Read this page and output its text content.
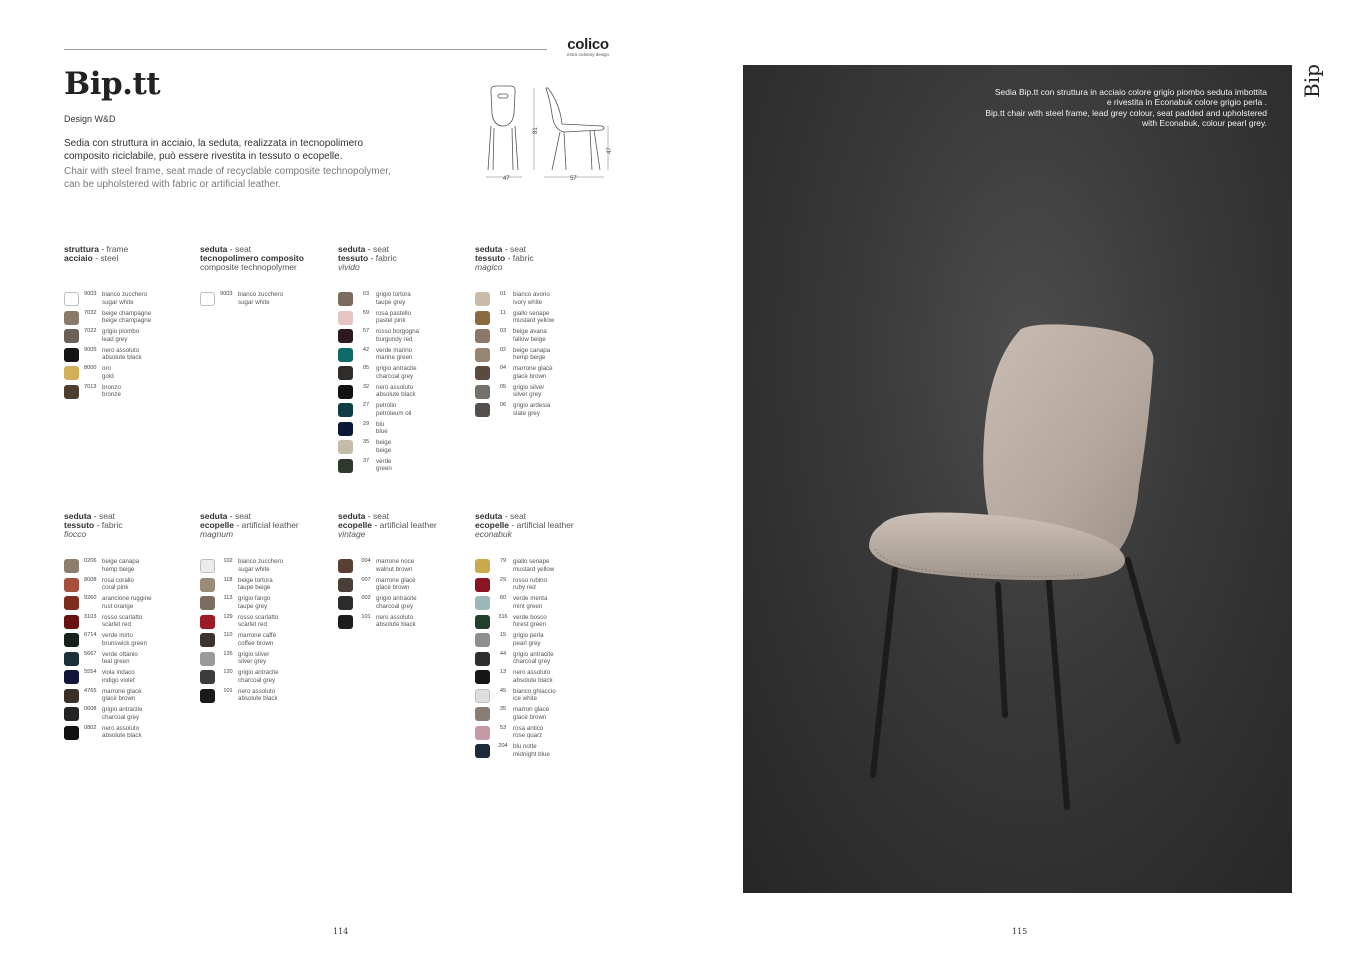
colico
extra ordinary design
Bip.tt
Design W&D

Sedia con struttura in acciaio, la seduta, realizzata in tecnopolimero
composito riciclabile, può essere rivestita in tessuto o ecopelle.

Chair with steel frame, seat made of recyclable composite technopolymer,
can be upholstered with fabric or artificial leather.	47	57
81
47
struttura - frame
acciaio - steel
9003 bianco zucchero
sugar white
7032 beige champagne
beige champagne
7022 grigio piombo
lead grey
9005 nero assoluto
absolute black
8000 oro
gold
7013 bronzo
bronze
seduta - seat
tecnopolimero composito
composite technopolymer
9003 bianco zucchero
sugar white
seduta - seat
tessuto - fabric
vivido
03	grigio tortora
taupe grey
59	rosa pastello
pastel pink
57	rosso borgogna
burgundy red
42	verde marino
marine green
05	grigio antracite
charcoal grey
32	nero assoluto
absolute black
27	petrolio
petroleum oil
29	blu
blue
35	beige
beige
37	verde
green
seduta - seat
tessuto - fabric
magico
01	bianco avorio
ivory white
11	giallo senape
mustard yellow
03	beige avana
fallow beige
02	beige canapa
hemp beige
04	marrone glacè
glacè brown
05	grigio silver
silver grey
06	grigio ardesia
slate grey
seduta - seat
tessuto - fabric
fiocco
0206 beige canapa
hemp beige
8008 rosa corallo
coral pink
9260 arancione ruggine
rust orange
3103 rosso scarlatto
scarlet red
6714 verde mirto
brunswick green
5667 verde ottanio
teal green
5554 viola indaco
indigo violet
4765 marrone glacè
glacè brown
0608 grigio antracite
charcoal grey
0802 nero assoluto
absolute black
seduta - seat
ecopelle - artificial leather
magnum
102 bianco zucchero
sugar white
118 beige tortora
taupe beige
113 grigio fango
taupe grey
129 rosso scarlatto
scarlet red
110 marrone caffè
coffee brown
126 grigio silver
silver grey
120 grigio antracite
charcoal grey
101 nero assoluto
absolute black
seduta - seat
ecopelle - artificial leather
vintage
004 marrone noce
walnut brown
007 marrone glacè
glacè brown
002 grigio antracite
charcoal grey
101 nero assoluto
absolute black
seduta - seat
ecopelle - artificial leather
econabuk
79	giallo senape
mustard yellow
29	rosso rubino
ruby red
60	verde menta
mint green
316 verde bosco
forest green
15	grigio perla
pearl grey
44	grigio antracite
charcoal grey
13	nero assoluto
absolute black
45	bianco ghiaccio
ice white
35	marron glacè
glacè brown
53	rosa antico
rose quarz
204 blu notte
midnight blue
114
Sedia Bip.tt con struttura in acciaio colore grigio piombo seduta imbottita
e rivestita in Econabuk colore grigio perla .
Bip.tt chair with steel frame, lead grey colour, seat padded and upholstered
with Econabuk, colour pearl grey.
Bip
115
